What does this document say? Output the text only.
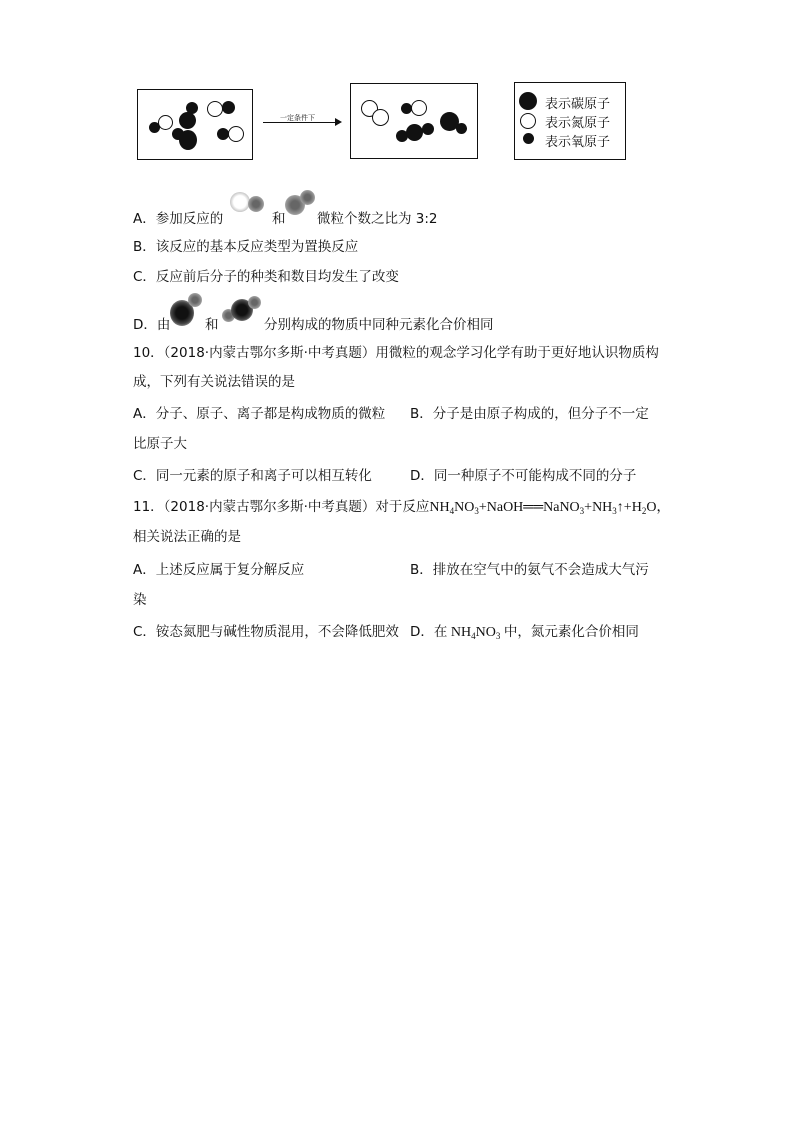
一定条件下
表示碳原子
表示氮原子
表示氧原子
A．参加反应的	和 微粒个数之比为 3:2
B．该反应的基本反应类型为置换反应
C．反应前后分子的种类和数目均发生了改变
D．由	和	分别构成的物质中同种元素化合价相同
10．（2018·内蒙古鄂尔多斯·中考真题）用微粒的观念学习化学有助于更好地认识物质构
成，下列有关说法错误的是
A．分子、原子、离子都是构成物质的微粒 B．分子是由原子构成的，但分子不一定
比原子大
C．同一元素的原子和离子可以相互转化	D．同一种原子不可能构成不同的分子
11．（2018·内蒙古鄂尔多斯·中考真题）对于反应$NH_4NO_3+NaOH══NaNO_3+NH_3↑+H_2O$，
相关说法正确的是
A．上述反应属于复分解反应	B．排放在空气中的氨气不会造成大气污
染
C．铵态氮肥与碱性物质混用，不会降低肥效 D．在 $NH_4NO_3$ 中，氮元素化合价相同
